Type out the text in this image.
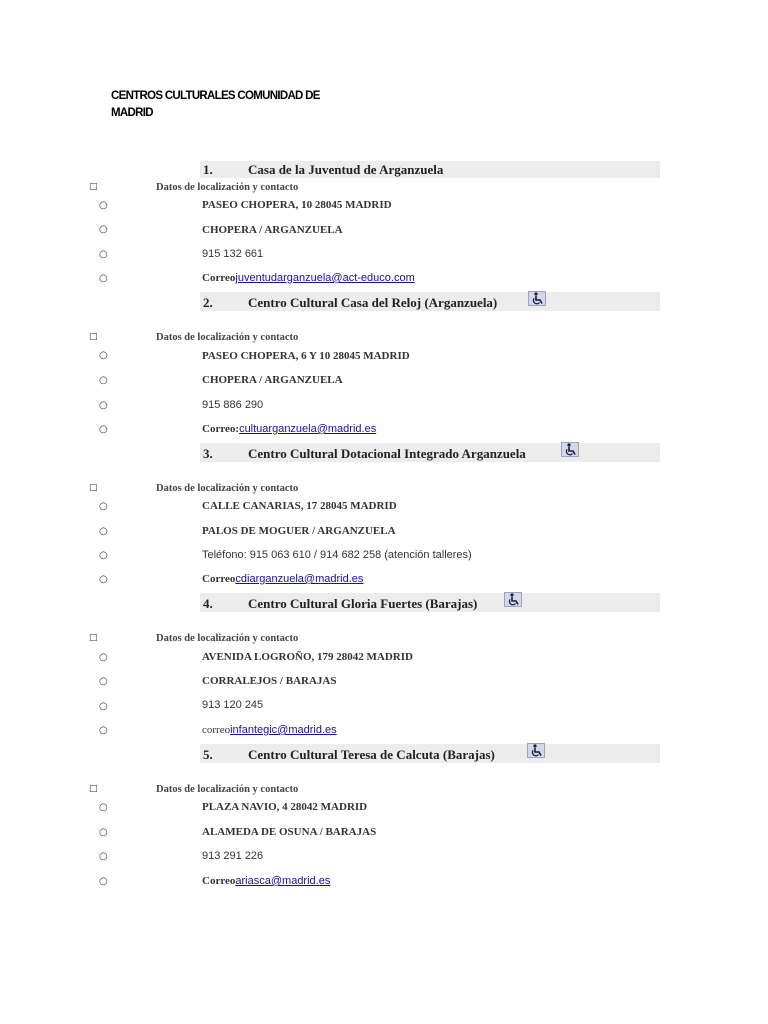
CENTROS CULTURALES COMUNIDAD DE
MADRID
1.	Casa de la Juventud de Arganzuela
□	Datos de localización y contacto
○	PASEO CHOPERA, 10 28045 MADRID
○	CHOPERA / ARGANZUELA
○	915 132 661
○	Correojuventudarganzuela@act-educo.com
2.	Centro Cultural Casa del Reloj (Arganzuela)
□	Datos de localización y contacto
○	PASEO CHOPERA, 6 Y 10 28045 MADRID
○	CHOPERA / ARGANZUELA
○	915 886 290
○	Correo:cultuarganzuela@madrid.es
3.	Centro Cultural Dotacional Integrado Arganzuela
□	Datos de localización y contacto
○	CALLE CANARIAS, 17 28045 MADRID
○	PALOS DE MOGUER / ARGANZUELA
○	Teléfono: 915 063 610 / 914 682 258 (atención talleres)
○	Correocdiarganzuela@madrid.es
4.	Centro Cultural Gloria Fuertes (Barajas)
□	Datos de localización y contacto
○	AVENIDA LOGROÑO, 179 28042 MADRID
○	CORRALEJOS / BARAJAS
○	913 120 245
○	correoinfantegic@madrid.es
5.	Centro Cultural Teresa de Calcuta (Barajas)
□	Datos de localización y contacto
○	PLAZA NAVIO, 4 28042 MADRID
○	ALAMEDA DE OSUNA / BARAJAS
○	913 291 226
○	Correoariasca@madrid.es
